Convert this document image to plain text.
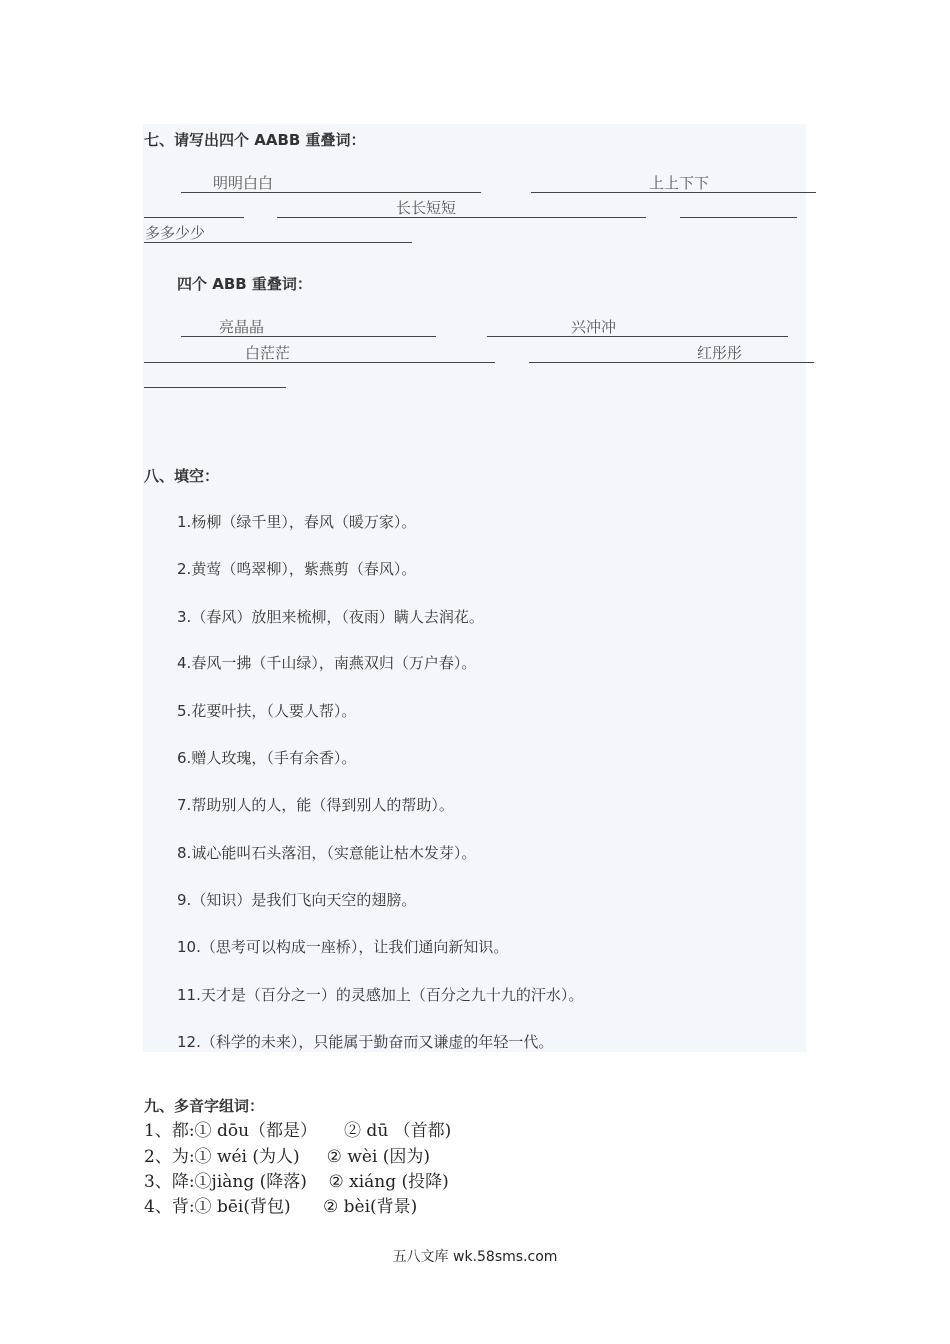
七、请写出四个 AABB 重叠词：
明明白白	上上下下
长长短短
多多少少
四个 ABB 重叠词：
亮晶晶	兴冲冲
白茫茫	红彤彤
八、填空：
1.杨柳（绿千里），春风（暖万家）。
2.黄莺（鸣翠柳），紫燕剪（春风）。
3.（春风）放胆来梳柳，（夜雨）瞒人去润花。
4.春风一拂（千山绿），南燕双归（万户春）。
5.花要叶扶，（人要人帮）。
6.赠人玫瑰，（手有余香）。
7.帮助别人的人，能（得到别人的帮助）。
8.诚心能叫石头落泪，（实意能让枯木发芽）。
9.（知识）是我们飞向天空的翅膀。
10.（思考可以构成一座桥），让我们通向新知识。
11.天才是（百分之一）的灵感加上（百分之九十九的汗水）。
12.（科学的未来），只能属于勤奋而又谦虚的年轻一代。
九、多音字组词：
1、都:① dōu（都是）     ② dū （首都)
2、为:① wéi (为人)     ② wèi (因为)
3、降:①jiàng (降落)    ② xiáng (投降)
4、背:① bēi(背包)      ② bèi(背景)
五八文库 wk.58sms.com
